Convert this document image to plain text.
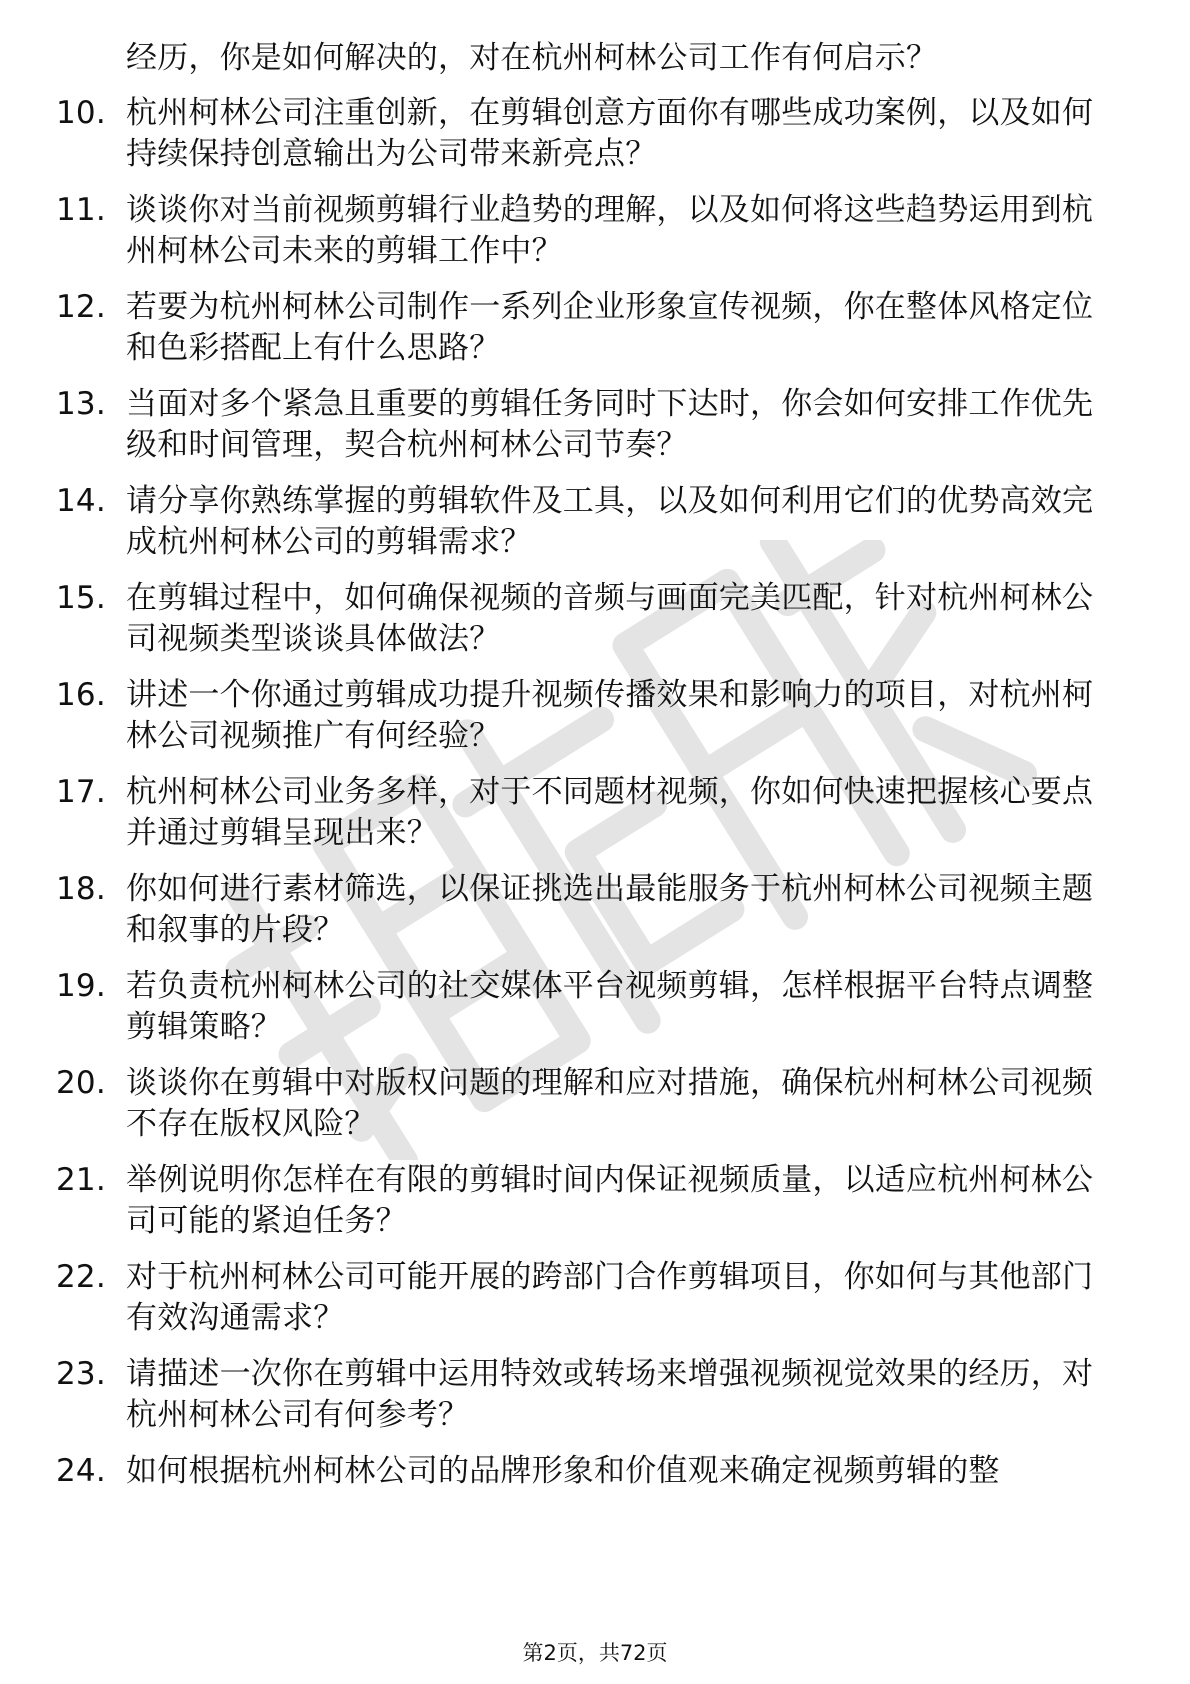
经历，你是如何解决的，对在杭州柯林公司工作有何启示？
10. 杭州柯林公司注重创新，在剪辑创意方面你有哪些成功案例，以及如何持续保持创意输出为公司带来新亮点？
11. 谈谈你对当前视频剪辑行业趋势的理解，以及如何将这些趋势运用到杭州柯林公司未来的剪辑工作中？
12. 若要为杭州柯林公司制作一系列企业形象宣传视频，你在整体风格定位和色彩搭配上有什么思路？
13. 当面对多个紧急且重要的剪辑任务同时下达时，你会如何安排工作优先级和时间管理，契合杭州柯林公司节奏？
14. 请分享你熟练掌握的剪辑软件及工具，以及如何利用它们的优势高效完成杭州柯林公司的剪辑需求？
15. 在剪辑过程中，如何确保视频的音频与画面完美匹配，针对杭州柯林公司视频类型谈谈具体做法？
16. 讲述一个你通过剪辑成功提升视频传播效果和影响力的项目，对杭州柯林公司视频推广有何经验？
17. 杭州柯林公司业务多样，对于不同题材视频，你如何快速把握核心要点并通过剪辑呈现出来？
18. 你如何进行素材筛选，以保证挑选出最能服务于杭州柯林公司视频主题和叙事的片段？
19. 若负责杭州柯林公司的社交媒体平台视频剪辑，怎样根据平台特点调整剪辑策略？
20. 谈谈你在剪辑中对版权问题的理解和应对措施，确保杭州柯林公司视频不存在版权风险？
21. 举例说明你怎样在有限的剪辑时间内保证视频质量，以适应杭州柯林公司可能的紧迫任务？
22. 对于杭州柯林公司可能开展的跨部门合作剪辑项目，你如何与其他部门有效沟通需求？
23. 请描述一次你在剪辑中运用特效或转场来增强视频视觉效果的经历，对杭州柯林公司有何参考？
24. 如何根据杭州柯林公司的品牌形象和价值观来确定视频剪辑的整
第2页，共72页
